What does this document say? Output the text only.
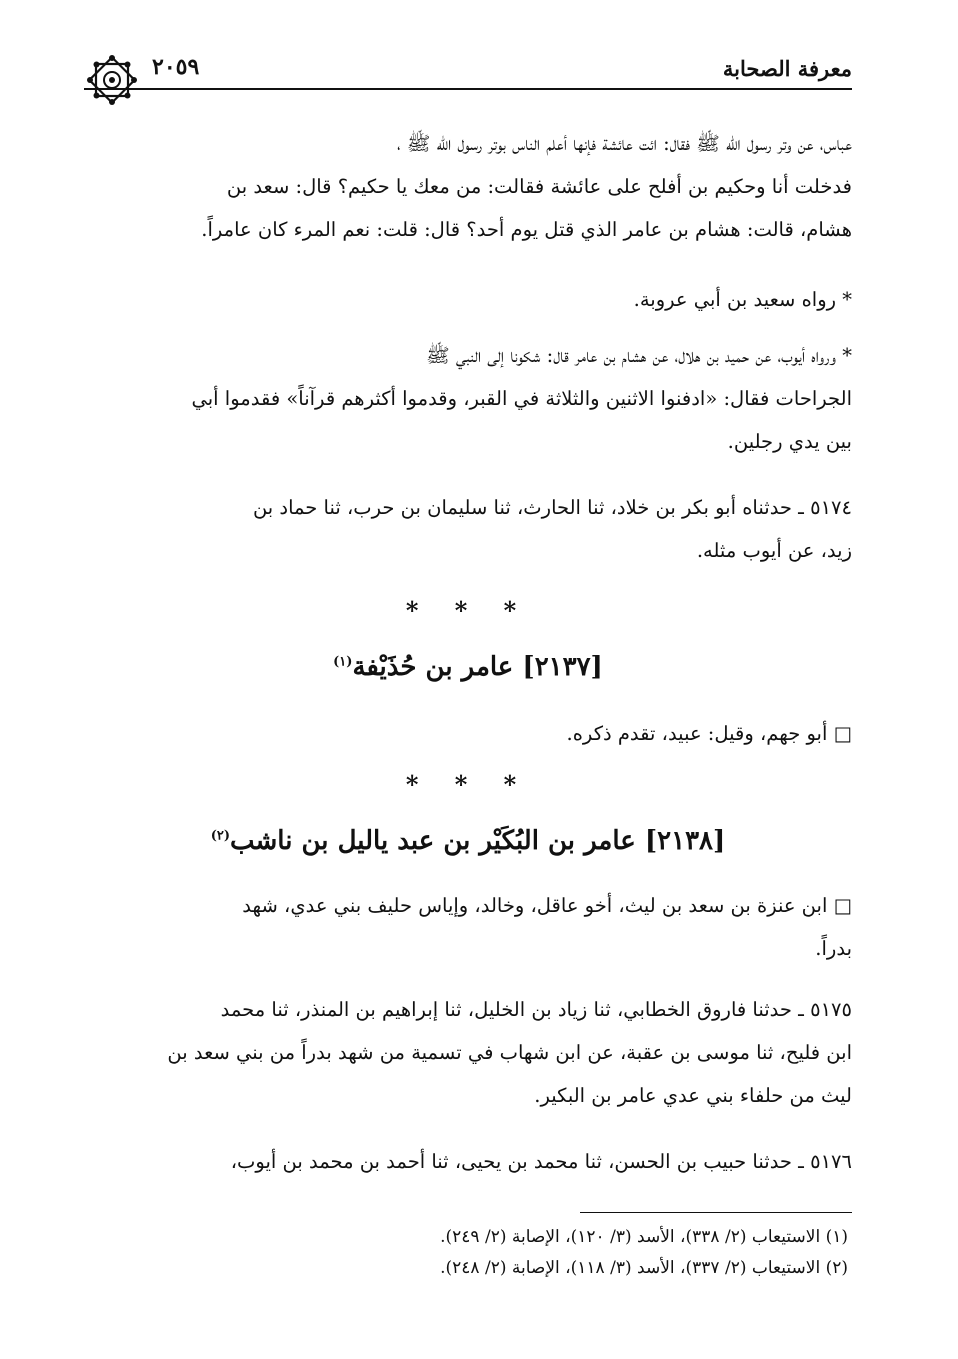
معرفة الصحابة
٢٠٥٩
عباس، عن وتر رسول الله ﷺ فقال: ائت عائشة فإنها أعلم الناس بوتر رسول الله ﷺ ،
فدخلت أنا وحكيم بن أفلح على عائشة فقالت: من معك يا حكيم؟ قال: سعد بن
هشام، قالت: هشام بن عامر الذي قتل يوم أحد؟ قال: قلت: نعم المرء كان عامراً.
* رواه سعيد بن أبي عروبة.
* ورواه أيوب، عن حميد بن هلال، عن هشام بن عامر قال: شكونا إلى النبي ﷺ
الجراحات فقال: «ادفنوا الاثنين والثلاثة في القبر، وقدموا أكثرهم قرآناً» فقدموا أبي
بين يدي رجلين.
٥١٧٤ ـ حدثناه أبو بكر بن خلاد، ثنا الحارث، ثنا سليمان بن حرب، ثنا حماد بن
زيد، عن أيوب مثله.
* * *
[٢١٣٧] عامر بن حُذَيْفة$^{(١)}$
□ أبو جهم، وقيل: عبيد، تقدم ذكره.
* * *
[٢١٣٨] عامر بن البُكَيْر بن عبد ياليل بن ناشب$^{(٢)}$
□ ابن عنزة بن سعد بن ليث، أخو عاقل، وخالد، وإياس حليف بني عدي، شهد
بدراً.
٥١٧٥ ـ حدثنا فاروق الخطابي، ثنا زياد بن الخليل، ثنا إبراهيم بن المنذر، ثنا محمد
ابن فليح، ثنا موسى بن عقبة، عن ابن شهاب في تسمية من شهد بدراً من بني سعد بن
ليث من حلفاء بني عدي عامر بن البكير.
٥١٧٦ ـ حدثنا حبيب بن الحسن، ثنا محمد بن يحيى، ثنا أحمد بن محمد بن أيوب،
(١) الاستيعاب (٢/ ٣٣٨)، الأسد (٣/ ١٢٠)، الإصابة (٢/ ٢٤٩).
(٢) الاستيعاب (٢/ ٣٣٧)، الأسد (٣/ ١١٨)، الإصابة (٢/ ٢٤٨).
